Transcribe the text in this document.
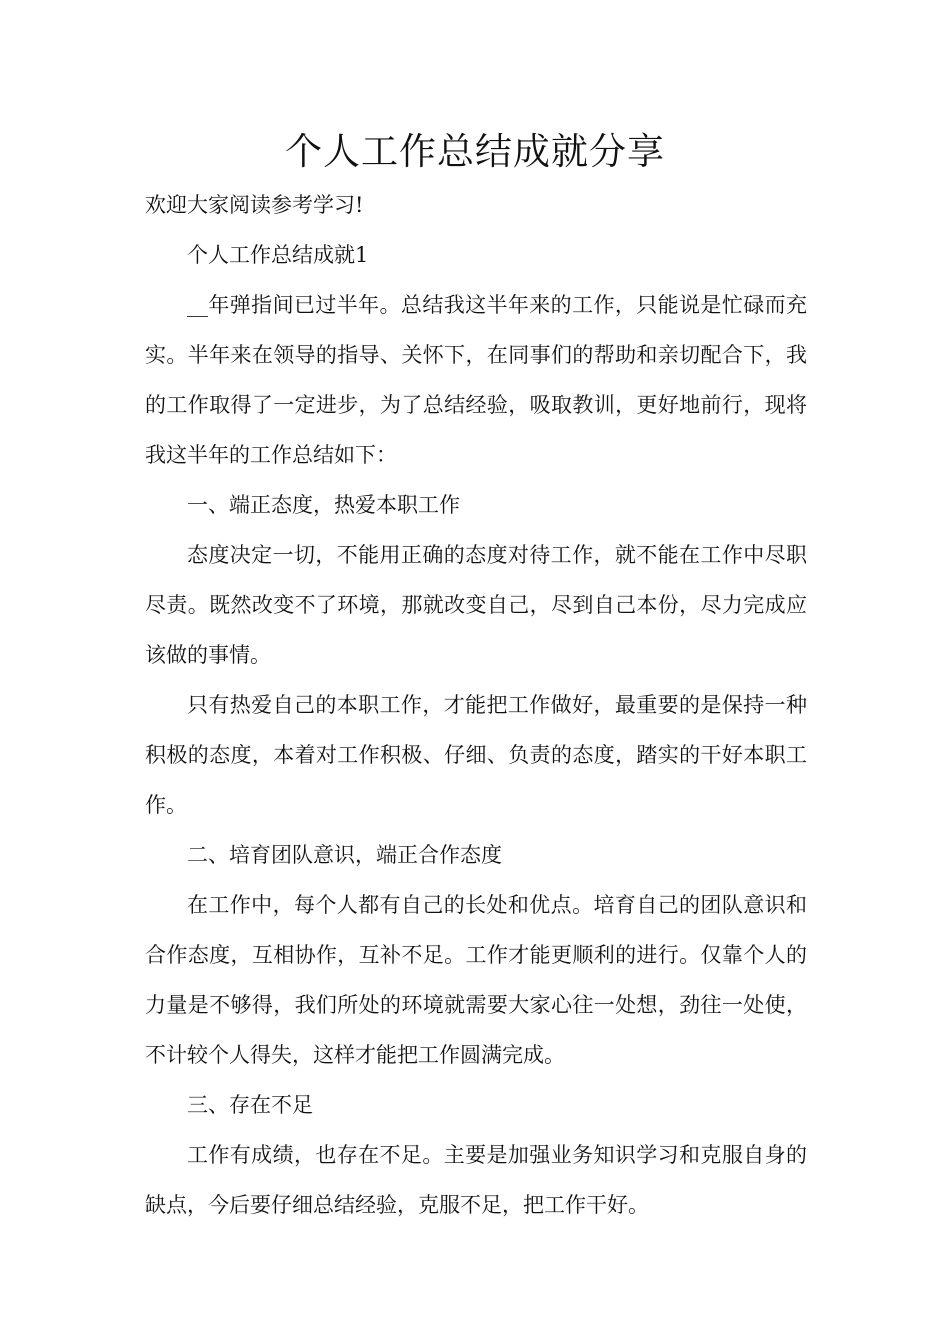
个人工作总结成就分享

欢迎大家阅读参考学习!

个人工作总结成就1

__年弹指间已过半年。总结我这半年来的工作，只能说是忙碌而充实。半年来在领导的指导、关怀下，在同事们的帮助和亲切配合下，我的工作取得了一定进步，为了总结经验，吸取教训，更好地前行，现将我这半年的工作总结如下：

一、端正态度，热爱本职工作

态度决定一切，不能用正确的态度对待工作，就不能在工作中尽职尽责。既然改变不了环境，那就改变自己，尽到自己本份，尽力完成应该做的事情。

只有热爱自己的本职工作，才能把工作做好，最重要的是保持一种积极的态度，本着对工作积极、仔细、负责的态度，踏实的干好本职工作。

二、培育团队意识，端正合作态度

在工作中，每个人都有自己的长处和优点。培育自己的团队意识和合作态度，互相协作，互补不足。工作才能更顺利的进行。仅靠个人的力量是不够得，我们所处的环境就需要大家心往一处想，劲往一处使，不计较个人得失，这样才能把工作圆满完成。

三、存在不足

工作有成绩，也存在不足。主要是加强业务知识学习和克服自身的缺点，今后要仔细总结经验，克服不足，把工作干好。
